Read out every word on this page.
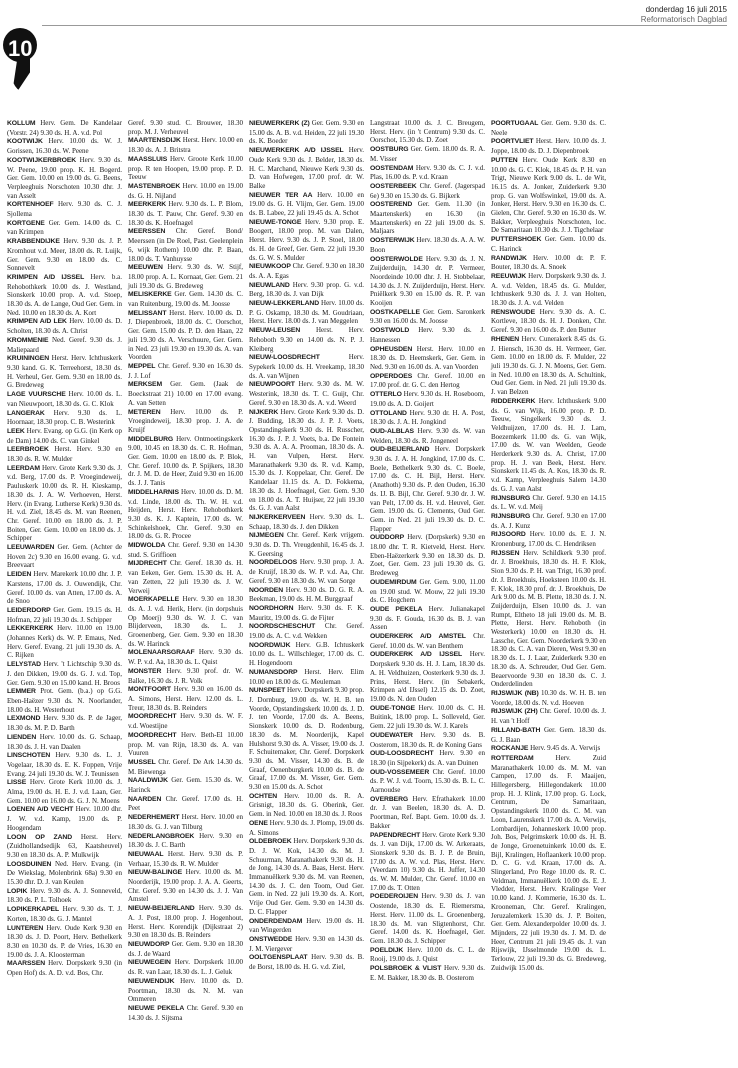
10
donderdag 16 juli 2015
Reformatorisch Dagblad

KOLLUM Herv. Gem. De Kandelaar (Vorstr. 24) 9.30 ds. H. A. v.d. Pol

KOOTWIJK Herv. 10.00 ds. W. J. Gorissen, 16.30 ds. W. Peene

KOOTWIJKERBROEK Herv. 9.30 ds. W. Peene, 19.00 prop. K. H. Bogerd. Ger. Gem. 10.00 en 19.00 ds. G. Beens, Verpleeghuis Norschoten 10.30 dhr. J. van Asselt

KORTENHOEF Herv. 9.30 ds. C. J. Sjollema

KORTGENE Ger. Gem. 14.00 ds. C. van Krimpen

KRABBENDIJKE Herv. 9.30 ds. J. P. Kromhout v.d. Meer, 18.00 ds. R. Luijk, Ger. Gem. 9.30 en 18.00 ds. C. Sonnevelt

KRIMPEN A/D IJSSEL Herv. b.a. Rehobothkerk 10.00 ds. J. Westland, Sionskerk 10.00 prop. A. v.d. Stoep, 18.30 ds. A. de Lange, Oud Ger. Gem. in Ned. 10.00 en 18.30 ds. A. Kort

KRIMPEN A/D LEK Herv. 10.00 ds. D. Scholten, 18.30 ds. A. Christ

KROMMENIE Ned. Geref. 9.30 ds. J. Maliepaard

KRUININGEN Herst. Herv. Ichthuskerk 9.30 kand. G. K. Terreehorst, 18.30 ds. H. Verheul, Ger. Gem. 9.30 en 18.00 ds. G. Bredeweg

LAGE VUURSCHE Herv. 10.00 ds. L. van Nieuwpoort, 18.30 ds. G. C. Klok

LANGERAK Herv. 9.30 ds. L. Hoornaar, 18.30 prop. C. B. Westerink

LEEK Herv. Evang. op G.G. (in Kerk op de Dam) 14.00 ds. C. van Ginkel

LEERBROEK Herst. Herv. 9.30 en 18.30 ds. R. W. Mulder

LEERDAM Herv. Grote Kerk 9.30 ds. J. v.d. Berg, 17.00 ds. P. Vroegindeweij, Pauluskerk 10.00 ds. R. H. Kieskamp, 18.30 ds. J. A. W. Verhoeven, Herst. Herv. (in Evang. Lutherse Kerk) 9.30 ds. H. v.d. Ziel, 18.45 ds. M. van Reenen, Chr. Geref. 10.00 en 18.00 ds. J. P. Boiten, Ger. Gem. 10.00 en 18.00 ds. J. Schipper

LEEUWARDEN Ger. Gem. (Achter de Hoven 2c) 9.30 en 16.00 evang. G. v.d. Breevaart

LEIDEN Herv. Marekerk 10.00 dhr. J. P. Karstens, 17.00 ds. J. Ouwendijk, Chr. Geref. 10.00 ds. van Atten, 17.00 ds. A. de Snoo

LEIDERDORP Ger. Gem. 19.15 ds. H. Hofman, 22 juli 19.30 ds. J. Schipper

LEKKERKERK Herv. 10.00 en 19.00 (Johannes Kerk) ds. W. P. Emaus, Ned. Herv. Geref. Evang. 21 juli 19.30 ds. A. C. Rijken

LELYSTAD Herv. 't Lichtschip 9.30 ds. J. den Dikken, 19.00 ds. G. J. v.d. Top, Ger. Gem. 9.30 en 15.00 kand. H. Broos

LEMMER Prot. Gem. (b.a.) op G.G. Eben-Haëzer 9.30 ds. N. Noorlander, 18.00 ds. H. Westerhout

LEXMOND Herv. 9.30 ds. P. de Jager, 18.30 ds. M. P. D. Barth

LIENDEN Herv. 10.00 ds. G. Schaap, 18.30 ds. J. H. van Daalen

LINSCHOTEN Herv. 9.30 ds. L. J. Vogelaar, 18.30 ds. E. K. Foppen, Vrije Evang. 24 juli 19.30 ds. W. J. Teunissen

LISSE Herv. Grote Kerk 10.00 ds. J. Alma, 19.00 ds. H. E. J. v.d. Laan, Ger. Gem. 10.00 en 16.00 ds. G. J. N. Moens

LOENEN A/D VECHT Herv. 10.00 dhr. J. W. v.d. Kamp, 19.00 ds. P. Hoogendam

LOON OP ZAND Herst. Herv. (Zuidhollandsedijk 63, Kaatsheuvel) 9.30 en 18.30 ds. A. P. Mulkwijk

LOOSDUINEN Ned. Herv. Evang. (in De Wiekslag, Molenbrink 68a) 9.30 en 15.30 dhr. D. J. van Keulen

LOPIK Herv. 9.30 ds. A. J. Sonneveld, 18.30 ds. P. L. Tolhoek

LOPIKERKAPEL Herv. 9.30 ds. T. J. Korten, 18.30 ds. G. J. Mantel

LUNTEREN Herv. Oude Kerk 9.30 en 18.30 ds. J. D. Poort, Herv. Bethelkerk 8.30 en 10.30 ds. P. de Vries, 16.30 en 19.00 ds. J. A. Kloosterman

MAARSSEN Herv. Dorpskerk 9.30 (in Open Hof) ds. A. D. v.d. Bos, Chr.

Geref. 9.30 stud. C. Brouwer, 18.30 prop. M. J. Verheuvel

MAARTENSDIJK Herst. Herv. 10.00 en 18.30 ds. A. J. Britstra

MAASSLUIS Herv. Groote Kerk 10.00 prop. R ten Hoopen, 19.00 prop. P. D. Teeuw

MASTENBROEK Herv. 10.00 en 19.00 ds. G. H. Nijland

MEERKERK Herv. 9.30 ds. L. P. Blom, 18.30 ds. T. Pauw, Chr. Geref. 9.30 en 18.30 ds. K. Hoefnagel

MEERSSEN Chr. Geref. Bond/ Meerssen (in De Roel, Past. Geelenplein 6, wijk Rothem) 10.00 dhr. P. Baan, 18.00 ds. T. Vanhuysse

MEEUWEN Herv. 9.30 ds. W. Stijf, 18.00 prop. A. L. Kornaat, Ger. Gem. 21 juli 19.30 ds. G. Bredeweg

MELISKERKE Ger. Gem. 14.30 ds. C. van Ruitenburg, 19.00 ds. M. Joosse

MELISSANT Herst. Herv. 10.00 ds. D. J. Diepenbroek, 18.00 ds. C. Oorschot, Ger. Gem. 15.00 ds. P. D. den Haan, 22 juli 19.30 ds. A. Verschuure, Ger. Gem. in Ned. 23 juli 19.30 en 19.30 ds. A. van Voorden

MEPPEL Chr. Geref. 9.30 en 16.30 ds. J. J. Lof

MERKSEM Ger. Gem. (Jaak de Boeckstraat 21) 10.00 en 17.00 evang. A. van Setten

METEREN Herv. 10.00 ds. P. Vroegindeweij, 18.30 prop. J. A. de Kruijf

MIDDELBURG Herv. Ontmoetingskerk 9.00, 10.45 en 18.30 ds. C. R. Hofman, Ger. Gem. 10.00 en 18.00 ds. P. Blok, Chr. Geref. 10.00 ds. P. Spijkers, 18.30 dr. J. M. D. de Heer, Zuid 9.30 en 16.00 ds. J. J. Tanis

MIDDELHARNIS Herv. 10.00 ds. D. M. v.d. Linde, 18.00 ds. Th. W. H. v.d. Heijden, Herst. Herv. Rehobothkerk 9.30 ds. K. J. Kaptein, 17.00 ds. W. Schinkelshoek, Chr. Geref. 9.30 en 18.00 ds. G. R. Procee

MIDWOLDA Chr. Geref. 9.30 en 14.30 stud. S. Griffioen

MIJDRECHT Chr. Geref. 18.30 ds. H. van Eeken, Ger. Gem. 15.30 ds. H. A. van Zetten, 22 juli 19.30 ds. J. W. Verweij

MOERKAPELLE Herv. 9.30 en 18.30 ds. A. J. v.d. Herik, Herv. (in dorpshuis Op Moerj) 9.30 ds. W. J. C. van Blijderveen, 18.30 ds. L. J. Groenenberg, Ger. Gem. 9.30 en 18.30 ds. W. Harinck

MOLENAARSGRAAF Herv. 9.30 ds. W. P. v.d. Aa, 18.30 ds. L. Quist

MONSTER Herv. 9.30 prof. dr. W. Balke, 16.30 ds. J. R. Volk

MONTFOORT Herv. 9.30 en 16.00 ds. A. Simons, Herst. Herv. 12.00 ds. L. Treur, 18.30 ds. B. Reinders

MOORDRECHT Herv. 9.30 ds. W. F. v.d. Woestijne

MOORDRECHT Herv. Beth-El 10.00 prop. M. van Rijn, 18.30 ds. A. van Vuuren

MUSSEL Chr. Geref. De Ark 14.30 ds. M. Biewenga

NAALDWIJK Ger. Gem. 15.30 ds. W. Harinck

NAARDEN Chr. Geref. 17.00 ds. H. Peet

NEDERHEMERT Herst. Herv. 10.00 en 18.30 ds. G. J. van Tilburg

NEDERLANGBROEK Herv. 9.30 en 18.30 ds. J. C. Barth

NIEUWAAL Herst. Herv. 9.30 ds. P. Verhaar, 15.30 ds. R. W. Mulder

NIEUW-BALINGE Herv. 10.00 ds. M. Noorderijk, 19.00 prop. J. A. A. Geerts, Chr. Geref. 9.30 en 14.30 ds. J. J. Van Amstel

NIEUW-BEIJERLAND Herv. 9.30 ds. A. J. Post, 18.00 prop. J. Hogenhout, Herst. Herv. Korendijk (Dijkstraat 2) 9.30 en 18.30 ds. B. Reinders

NIEUWDORP Ger. Gem. 9.30 en 18.30 ds. J. de Waard

NIEUWEGEIN Herv. Dorpskerk 10.00 ds. R. van Laar, 18.30 ds. L. J. Geluk

NIEUWENDIJK Herv. 10.00 ds. D. Poortman, 18.30 ds. N. M. van Ommeren

NIEUWE PEKELA Chr. Geref. 9.30 en 14.30 ds. J. Sijtsma

NIEUWERKERK (Z) Ger. Gem. 9.30 en 15.00 ds. A. B. v.d. Heiden, 22 juli 19.30 ds. K. Boeder

NIEUWERKERK A/D IJSSEL Herv. Oude Kerk 9.30 ds. J. Belder, 18.30 ds. H. C. Marchand, Nieuwe Kerk 9.30 ds. D. van Hofwegen, 17.00 prof. dr. W. Balke

NIEUWER TER AA Herv. 10.00 en 19.00 ds. G. H. Vlijm, Ger. Gem. 19.00 ds. B. Labee, 22 juli 19.45 ds. A. Schot

NIEUWE-TONGE Herv. 9.30 prop. E. Boogert, 18.00 prop. M. van Dalen, Herst. Herv. 9.30 ds. J. P. Stoel, 18.00 ds. H. de Greef, Ger. Gem. 22 juli 19.30 ds. G. W. S. Mulder

NIEUWKOOP Chr. Geref. 9.30 en 18.30 ds. A. A. Egas

NIEUWLAND Herv. 9.30 prop. G. v.d. Berg, 18.30 ds. J. van Dijk

NIEUW-LEKKERLAND Herv. 10.00 ds. P. G. Oskamp, 18.30 ds. M. Goudriaan, Herst. Herv. 18.00 ds. J. van Meggelen

NIEUW-LEUSEN Herst. Herv. Rehoboth 9.30 en 14.00 ds. N. P. J. Kleiberg

NIEUW-LOOSDRECHT	Herv. Sypekerk 10.00 ds. H. Vreekamp, 18.30 ds. A. van Wijnen

NIEUWPOORT Herv. 9.30 ds. M. W. Westerink, 18.30 ds. T. C. Guijt, Chr. Geref. 9.30 en 18.30 ds. A. v.d. Weerd

NIJKERK Herv. Grote Kerk 9.30 ds. D. J. Budding, 18.30 ds. J. P. J. Voets, Opstandingskerk 9.30 ds. H. Russcher, 16.30 ds. J. P. J. Voets, b.a. De Fontein 9.30 ds. A. A. A. Prooman, 18.30 ds. A. H. van Vulpen, Herst. Herv. Maranathakerk 9.30 ds. R. v.d. Kamp, 15.30 ds. J. Koppelaar, Chr. Geref. De Kandelaar 11.15 ds. A. D. Fokkema, 18.30 ds. J. Hoefnagel, Ger. Gem. 9.30 en 18.00 ds. A. T. Huijser, 22 juli 19.30 ds. G. J. van Aalst

NIJKERKERVEEN Herv. 9.30 ds. L. Schaap, 18.30 ds. J. den Dikken

NIJMEGEN Chr. Geref. Kerk vrijgem. 9.30 ds. D. Th. Vreugdenhil, 16.45 ds. J. K. Geersing

NOORDELOOS Herv. 9.30 prop. J. A. de Kruijf, 18.30 ds. W. P. v.d. Aa, Chr. Geref. 9.30 en 18.30 ds. W. van Sorge

NOORDEN Herv. 9.30 ds. D. G. R. A. Beekman, 19.00 ds. H. M. Burggraaf

NOORDHORN Herv. 9.30 ds. F. K. Mauritz, 19.00 ds. G. de Fijter

NOORDSCHESCHUT Chr. Geref. 19.00 ds. A. C. v.d. Wekken

NOORDWIJK Herv. G.B. Ichtuskerk 10.00 ds. L. Willschleger, 17.00 ds. C. H. Hogendoorn

NUMANSDORP Herst. Herv. Elim 10.00 en 18.00 ds. G. Meuleman

NUNSPEET Herv. Dorpskerk 9.30 prop. J. Dornburg, 19.00 ds. W. H. B. ten Voorde, Opstandingskerk 10.00 ds. J. D. J. ten Voorde, 17.00 ds. A. Beens, Sionskerk 10.00 ds. D. Rodenburg, 18.30 ds. M. Noorderijk, Kapel Hulshorst 9.30 ds. A. Visser, 19.00 ds. J. F. Schuitemaker, Chr. Geref. Dorpskerk 9.30 ds. M. Visser, 14.30 ds. B. de Graaf, Oenenburgkerk 10.00 ds. B. de Graaf, 17.00 ds. M. Visser, Ger. Gem. 9.30 en 15.00 ds. A. Schot

OCHTEN Herv. 10.00 ds. R. A. Grisnigt, 18.30 ds. G. Oberink, Ger. Gem. in Ned. 10.00 en 18.30 ds. J. Roos

OENE Herv. 9.30 ds. J. Plomp, 19.00 ds. A. Simons

OLDEBROEK Herv. Dorpskerk 9.30 ds. D. J. W. Kok, 14.30 ds. M. J. Schuurman, Maranathakerk 9.30 ds. H. de Jong, 14.30 ds. A. Baas, Herst. Herv. Immanuëlkerk 9.30 ds. M. van Reenen, 14.30 ds. J. C. den Toom, Oud Ger. Gem. in Ned. 22 juli 19.30 ds. A. Kort, Vrije Oud Ger. Gem. 9.30 en 14.30 ds. D. C. Flapper

ONDERDENDAM Herv. 19.00 ds. H. van Wingerden

ONSTWEDDE Herv. 9.30 en 14.30 ds. J. M. Viergever

OOLTGENSPLAAT Herv. 9.30 ds. B. de Borst, 18.00 ds. H. G. v.d. Ziel,

Langstraat 10.00 ds. J. C. Breugem, Herst. Herv. (in 't Centrum) 9.30 ds. C. Oorschot, 15.30 ds. D. Zoet

OOSTBURG Ger. Gem. 18.00 ds. R. A. M. Visser

OOSTENDAM Herv. 9.30 ds. C. J. v.d. Plas, 16.00 ds. P. v.d. Kraan

OOSTERBEEK Chr. Geref. (Jagerspad 6e) 9.30 en 15.30 ds. G. Bijkerk

OOSTEREND Ger. Gem. 11.30 (in Maartenskerk) en 16.30 (in Maartenskerk) en 22 juli 19.00 ds. S. Maljaars

OOSTERWIJK Herv. 18.30 ds. A. A. W. Boon

OOSTERWOLDE Herv. 9.30 ds. J. N. Zuijderduijn, 14.30 dr. P. Vermeer, Noordeinde 10.00 dhr. J. H. Stobbelaar, 14.30 ds. J. N. Zuijderduijn, Herst. Herv. Pniëlkerk 9.30 en 15.00 ds. R. P. van Kooijen

OOSTKAPELLE Ger. Gem. Saronkerk 9.30 en 16.00 ds. M. Joosse

OOSTWOLD Herv. 9.30 ds. J. Hannessen

OPHEUSDEN Herst. Herv. 10.00 en 18.30 ds. D. Heemskerk, Ger. Gem. in Ned. 9.30 en 16.00 ds. A. van Voorden

OPPERDOES Chr. Geref. 10.00 en 17.00 prof. dr. G. C. den Hertog

OTTERLO Herv. 9.30 ds. H. Roseboom, 19.00 ds. A. D. Goijert

OTTOLAND Herv. 9.30 dr. H. A. Post, 18.30 ds. J. A. H. Jongkind

OUD-ALBLAS Herv. 9.30 ds. W. van Welden, 18.30 ds. R. Jongeneel

OUD-BEIJERLAND Herv. Dorpskerk 9.30 ds. J. A. H. Jongkind, 17.00 ds. C. Boele, Bethelkerk 9.30 ds. C. Boele, 17.00 ds. C. H. Bijl, Herst. Herv. (Anathoth) 9.30 ds. P. den Ouden, 16.30 ds. IJ. B. Bijl, Chr. Geref. 9.30 dr. J. W. van Pelt, 17.00 ds. H. v.d. Heuvel, Ger. Gem. 19.00 ds. G. Clements, Oud Ger. Gem. in Ned. 21 juli 19.30 ds. D. C. Flapper

OUDDORP Herv. (Dorpskerk) 9.30 en 18.00 dhr. T. R. Kietveld, Herst. Herv. Eben-Haëzerkerk 9.30 en 18.30 ds. D. Zoet, Ger. Gem. 23 juli 19.30 ds. G. Bredeweg

OUDEMIRDUM Ger. Gem. 9.00, 11.00 en 19.00 stud. W. Mouw, 22 juli 19.30 ds. C. Hogchem

OUDE PEKELA Herv. Julianakapel 9.30 ds. F. Gouda, 16.30 ds. B. J. van Assen

OUDERKERK A/D AMSTEL Chr. Geref. 10.00 ds. W. van Benthem

OUDERKERK A/D IJSSEL Herv. Dorpskerk 9.30 ds. H. J. Lam, 18.30 ds. A. H. Veldhuizen, Oosterkerk 9.30 ds. J. Prins, Herst. Herv. (in Sebakerk, Krimpen a/d IJssel) 12.15 ds. D. Zoet, 19.00 ds. N. den Ouden

OUDE-TONGE Herv. 10.00 ds. C. H. Buitink, 18.00 prop. L. Solleveld, Ger. Gem. 22 juli 19.30 ds. W. J. Karels

OUDEWATER Herv. 9.30 ds. B. Oosterom, 18.30 ds. R. de Koning Gans

OUD-LOOSDRECHT Herv. 9.30 en 18.30 (in Sijpekerk) ds. A. van Duinen

OUD-VOSSEMEER Chr. Geref. 10.00 ds. P. W. J. v.d. Toorn, 15.30 ds. B. L. C. Aarnoudse

OVERBERG Herv. Efrathakerk 10.00 dr. J. van Beelen, 18.30 ds. A. D. Poortman, Ref. Bapt. Gem. 10.00 ds. J. Bakker

PAPENDRECHT Herv. Grote Kerk 9.30 ds. J. van Dijk, 17.00 ds. W. Arkeraats, Sionskerk 9.30 ds. B. J. P. de Bruin, 17.00 ds. A. W. v.d. Plas, Herst. Herv. (Veerdam 10) 9.30 ds. H. Juffer, 14.30 ds. W. M. Mulder, Chr. Geref. 10.00 en 17.00 ds. T. Otten

POEDEROIJEN Herv. 9.30 ds. J. van Oostende, 18.30 ds. E. Riemersma, Herst. Herv. 11.00 ds. L. Groenenberg, 18.30 ds. M. van Sligtenhorst, Chr. Geref. 14.00 ds. K. Hoefnagel, Ger. Gem. 18.30 ds. J. Schipper

POELDIJK Herv. 10.00 ds. C. L. de Rooij, 19.00 ds. J. Quist

POLSBROEK & VLIST Herv. 9.30 ds. E. M. Bakker, 18.30 ds. B. Oosterom

POORTUGAAL Ger. Gem. 9.30 ds. C. Neele

POORTVLIET Herst. Herv. 10.00 ds. J. Joppe, 18.00 ds. D. J. Diepenbroek

PUTTEN Herv. Oude Kerk 8.30 en 10.00 ds. G. C. Klok, 18.45 ds. P. H. van Trigt, Nieuwe Kerk 9.00 ds. L. de Wit, 16.15 ds. A. Jonker, Zuiderkerk 9.30 prop. G. van Wolfswinkel, 19.00 ds. A. Jonker, Herst. Herv. 9.30 en 16.30 ds. C. Gielen, Chr. Geref. 9.30 en 16.30 ds. W. Bakker, Verpleeghuis Norschoten, loc. De Samaritaan 10.30 ds. J. J. Tigchelaar

PUTTERSHOEK Ger. Gem. 10.00 ds. C. Harinck

RANDWIJK Herv. 10.00 dr. P. F. Bouter, 18.30 ds. A. Snoek

REEUWIJK Herv. Dorpskerk 9.30 ds. J. A. v.d. Velden, 18.45 ds. G. Mulder, Ichthuskerk 9.30 ds. J. J. van Holten, 18.30 ds. J. A. v.d. Velden

RENSWOUDE Herv. 9.30 ds. A. C. Kortleve, 18.30 ds. H. J. Donken, Chr. Geref. 9.30 en 16.00 ds. P. den Butter

RHENEN Herv. Cunerakerk 8.45 ds. G. J. Hiensch, 16.30 ds. H. Vermeer, Ger. Gem. 10.00 en 18.00 ds. F. Mulder, 22 juli 19.30 ds. G. J. N. Moens, Ger. Gem. in Ned. 10.00 en 18.30 ds. A. Schultink, Oud Ger. Gem. in Ned. 21 juli 19.30 ds. J. van Belzen

RIDDERKERK Herv. Ichthuskerk 9.00 ds. G. van Wijk, 16.00 prop. P. D. Teeuw, Singelkerk 9.30 ds. J. Veldhuijzen, 17.00 ds. H. J. Lam, Boezemkerk 11.00 ds. G. van Wijk, 17.00 ds. W. van Weelden, Geode Herderkerk 9.30 ds. A. Christ, 17.00 prop. H. J. van Beek, Herst. Herv. Sionskerk 11.45 ds. A. Kos, 18.30 ds. R. v.d. Kamp, Verpleeghuis Salem 14.30 ds. G. J. van Aalst

RIJNSBURG Chr. Geref. 9.30 en 14.15 ds. L. W. v.d. Meij

RIJNSBURG Chr. Geref. 9.30 en 17.00 ds. A. J. Kunz

RIJSOORD Herv. 10.00 ds. E. J. N. Kronenburg, 17.00 ds. C. Hendriksen

RIJSSEN Herv. Schildkerk 9.30 prof. dr. J. Broekhuis, 18.30 ds. H. F. Klok, Sion 9.30 ds. P. H. van Trigt, 16.30 prof. dr. J. Broekhuis, Hoeksteen 10.00 ds. H. F. Klok, 18.30 prof. dr. J. Broekhuis, De Ark 9.00 ds. M. B. Plette, 18.30 ds. J. N. Zuijderduijn, Elsen 10.00 ds. J. van Rumpt, Eltheto 18 juli 19.00 ds. M. B. Plette, Herst. Herv. Rehoboth (in Westerkerk) 10.00 en 18.30 ds. H. Lassche, Ger. Gem. Noorderkerk 9.30 en 18.30 ds. C. A. van Dieren, West 9.30 en 18.30 ds. L. J. Laar, Zuiderkerk 9.30 en 18.30 ds. A. Schreuder, Oud Ger. Gem. Beaervoorde 9.30 en 18.30 ds. C. J. Onderdelinden

RIJSWIJK (NB) 10.30 ds. W. H. B. ten Voorde, 18.00 ds. N. v.d. Hoeven

RIJSWIJK (ZH) Chr. Geref. 10.00 ds. J. H. van 't Hoff

RILLAND-BATH Ger. Gem. 18.30 ds. G. J. Baan

ROCKANJE Herv. 9.45 ds. A. Verwijs

ROTTERDAM	Herv. Zuid Maranathakerk 10.00 ds. M. M. van Campen, 17.00 ds. F. Maaijen, Hillegersberg, Hillegondakerk 10.00 prop. H. J. Klink, 17.00 prop. G. Lock, Centrum, De Samaritaan, Opstandingskerk 10.00 ds. C. M. van Loon, Laurenskerk 17.00 ds. A. Verwijs, Lombardijen, Johanneskerk 10.00 prop. Joh. Bos, Pelgrimskerk 10.00 ds. H. B. de Jonge, Groenetuinkerk 10.00 ds. E. Bijl, Kralingen, Hoflaankerk 10.00 prop. D. C. G. v.d. Kraan, 17.00 ds. A. Slingerland, Pro Rege 10.00 ds. R. C. Veldman, Immanuëlkerk 10.00 ds. E. J. Vledder, Herst. Herv. Kralingse Veer 10.00 kand. J. Kommerie, 16.30 ds. L. Krooneman, Chr. Geref. Kralingen, Jeruzalemkerk 15.30 ds. J. P. Boiten, Ger. Gem. Alexanderpolder 10.00 ds. J. Mijnders, 22 juli 19.30 ds. J. M. D. de Heer, Centrum 21 juli 19.45 ds. J. van Rijswijk, IJsselmonde 19.00 ds. L. Terlouw, 22 juli 19.30 ds. G. Bredeweg, Zuidwijk 15.00 ds.
